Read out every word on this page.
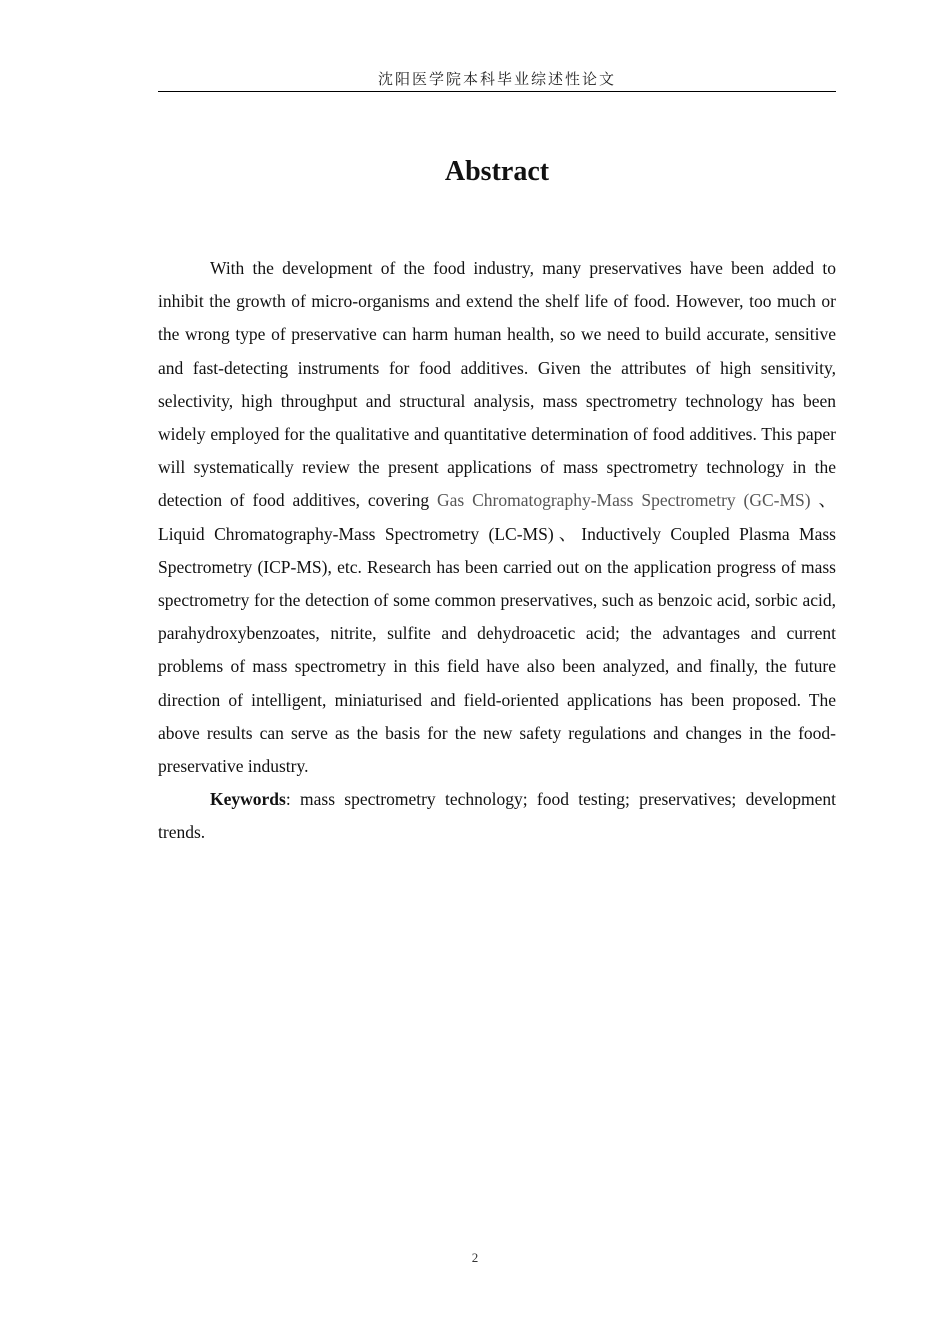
沈阳医学院本科毕业综述性论文
Abstract

With the development of the food industry, many preservatives have been added to inhibit the growth of micro-organisms and extend the shelf life of food. However, too much or the wrong type of preservative can harm human health, so we need to build accurate, sensitive and fast-detecting instruments for food additives. Given the attributes of high sensitivity, selectivity, high throughput and structural analysis, mass spectrometry technology has been widely employed for the qualitative and quantitative determination of food additives. This paper will systematically review the present applications of mass spectrometry technology in the detection of food additives, covering Gas Chromatography-Mass Spectrometry (GC-MS) 、 Liquid Chromatography-Mass Spectrometry (LC-MS)、Inductively Coupled Plasma Mass Spectrometry (ICP-MS), etc. Research has been carried out on the application progress of mass spectrometry for the detection of some common preservatives, such as benzoic acid, sorbic acid, parahydroxybenzoates, nitrite, sulfite and dehydroacetic acid; the advantages and current problems of mass spectrometry in this field have also been analyzed, and finally, the future direction of intelligent, miniaturised and field-oriented applications has been proposed. The above results can serve as the basis for the new safety regulations and changes in the food-preservative industry.

Keywords: mass spectrometry technology; food testing; preservatives; development trends.

2
